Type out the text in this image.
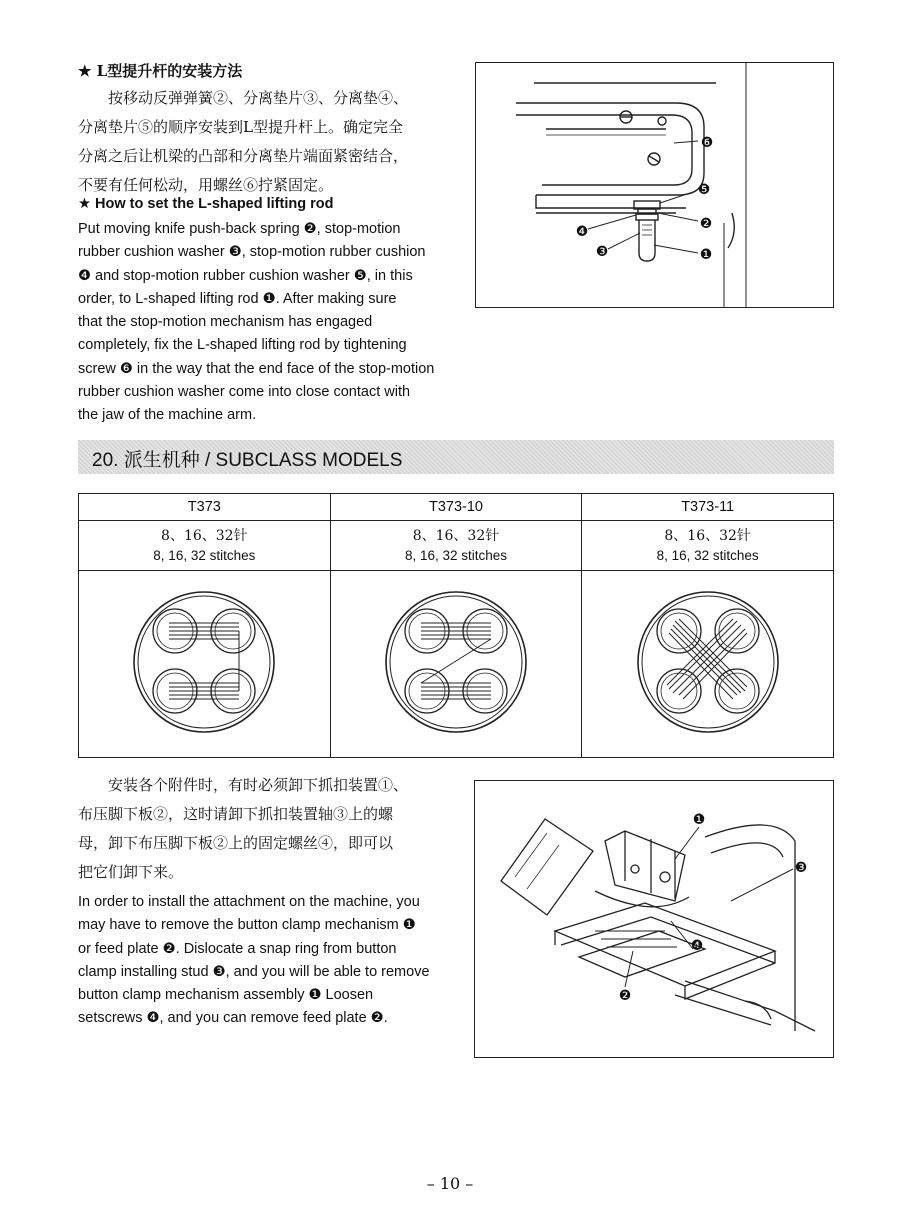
★ L型提升杆的安装方法

　　按移动反弹弹簧②、分离垫片③、分离垫④、

分离垫片⑤的顺序安装到L型提升杆上。确定完全

分离之后让机梁的凸部和分离垫片端面紧密结合，

不要有任何松动，用螺丝⑥拧紧固定。

★ How to set the L-shaped lifting rod

Put moving knife push-back spring ❷, stop-motion

rubber cushion washer ❸, stop-motion rubber cushion

❹ and stop-motion rubber cushion washer ❺, in this

order, to L-shaped lifting rod ❶. After making sure

that the stop-motion mechanism has engaged

completely, fix the L-shaped lifting rod by tightening

screw ❻ in the way that the end face of the stop-motion

rubber cushion washer come into close contact with

the jaw of the machine arm.

❻
❺
❷
❹
❸	❶
20. 派生机种 / SUBCLASS MODELS
T373	T373-10	T373-11

8、16、32针
8, 16, 32 stitches	8、16、32针
8, 16, 32 stitches	8、16、32针
8, 16, 32 stitches

　　安装各个附件时，有时必须卸下抓扣装置①、

布压脚下板②，这时请卸下抓扣装置轴③上的螺

母，卸下布压脚下板②上的固定螺丝④，即可以

把它们卸下来。

In order to install the attachment on the machine, you

may have to remove the button clamp mechanism ❶

or feed plate ❷. Dislocate a snap ring from button

clamp installing stud ❸, and you will be able to remove

button clamp mechanism assembly ❶ Loosen

setscrews ❹, and you can remove feed plate ❷.

❶
❸
❹
❷
– 10 –
